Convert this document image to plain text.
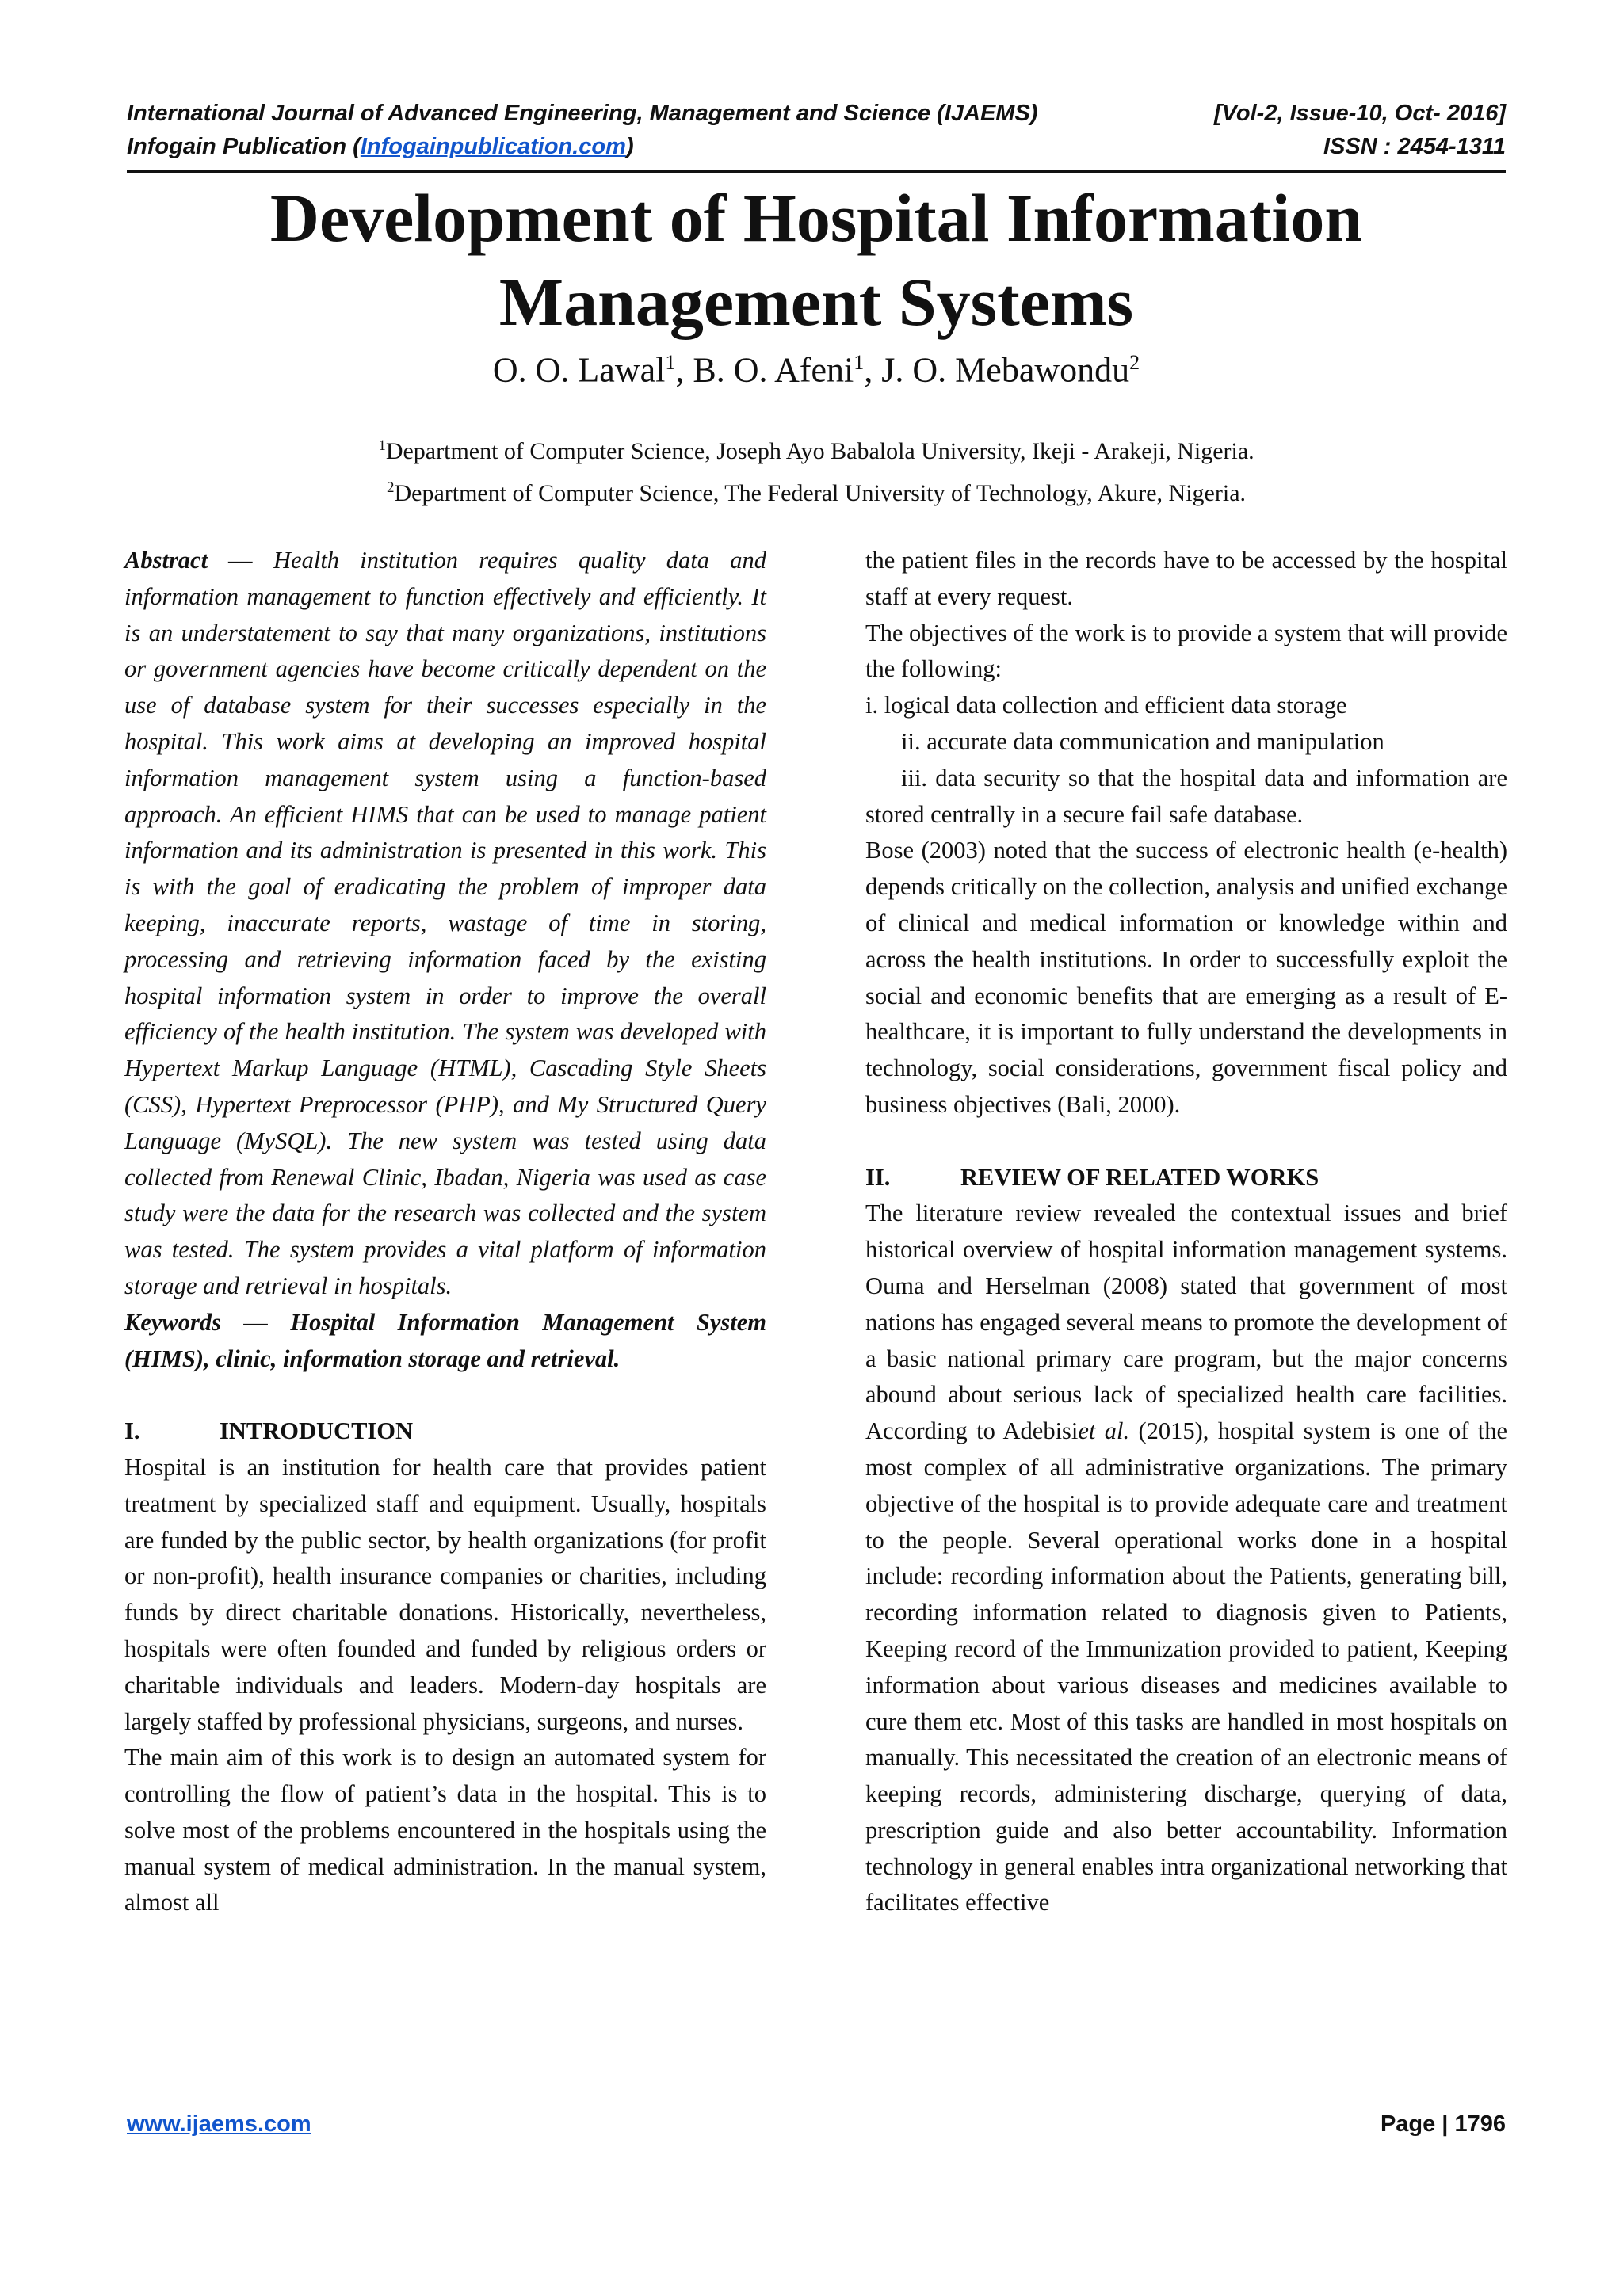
International Journal of Advanced Engineering, Management and Science (IJAEMS)	[Vol-2, Issue-10, Oct- 2016]
Infogain Publication (Infogainpublication.com)	ISSN : 2454-1311
Development of Hospital Information
Management Systems
O. O. Lawal$^1$, B. O. Afeni$^1$, J. O. Mebawondu$^2$
$^1$Department of Computer Science, Joseph Ayo Babalola University, Ikeji - Arakeji, Nigeria.
$^2$Department of Computer Science, The Federal University of Technology, Akure, Nigeria.

Abstract — Health institution requires quality data and information management to function effectively and efficiently. It is an understatement to say that many organizations, institutions or government agencies have become critically dependent on the use of database system for their successes especially in the hospital. This work aims at developing an improved hospital information management system using a function-based approach. An efficient HIMS that can be used to manage patient information and its administration is presented in this work. This is with the goal of eradicating the problem of improper data keeping, inaccurate reports, wastage of time in storing, processing and retrieving information faced by the existing hospital information system in order to improve the overall efficiency of the health institution. The system was developed with Hypertext Markup Language (HTML), Cascading Style Sheets (CSS), Hypertext Preprocessor (PHP), and My Structured Query Language (MySQL). The new system was tested using data collected from Renewal Clinic, Ibadan, Nigeria was used as case study were the data for the research was collected and the system was tested. The system provides a vital platform of information storage and retrieval in hospitals.

Keywords — Hospital Information Management System (HIMS), clinic, information storage and retrieval.

I.	INTRODUCTION

Hospital is an institution for health care that provides patient treatment by specialized staff and equipment. Usually, hospitals are funded by the public sector, by health organizations (for profit or non-profit), health insurance companies or charities, including funds by direct charitable donations. Historically, nevertheless, hospitals were often founded and funded by religious orders or charitable individuals and leaders. Modern-day hospitals are largely staffed by professional physicians, surgeons, and nurses.

The main aim of this work is to design an automated system for controlling the flow of patient’s data in the hospital. This is to solve most of the problems encountered in the hospitals using the manual system of medical administration. In the manual system, almost all

the patient files in the records have to be accessed by the hospital staff at every request.

The objectives of the work is to provide a system that will provide the following:

i. logical data collection and efficient data storage

ii. accurate data communication and manipulation

iii. data security so that the hospital data and information are stored centrally in a secure fail safe database.

Bose (2003) noted that the success of electronic health (e-health) depends critically on the collection, analysis and unified exchange of clinical and medical information or knowledge within and across the health institutions. In order to successfully exploit the social and economic benefits that are emerging as a result of E-healthcare, it is important to fully understand the developments in technology, social considerations, government fiscal policy and business objectives (Bali, 2000).

II.	REVIEW OF RELATED WORKS

The literature review revealed the contextual issues and brief historical overview of hospital information management systems. Ouma and Herselman (2008) stated that government of most nations has engaged several means to promote the development of a basic national primary care program, but the major concerns abound about serious lack of specialized health care facilities. According to Adebisiet al. (2015), hospital system is one of the most complex of all administrative organizations. The primary objective of the hospital is to provide adequate care and treatment to the people. Several operational works done in a hospital include: recording information about the Patients, generating bill, recording information related to diagnosis given to Patients, Keeping record of the Immunization provided to patient, Keeping information about various diseases and medicines available to cure them etc. Most of this tasks are handled in most hospitals on manually. This necessitated the creation of an electronic means of keeping records, administering discharge, querying of data, prescription guide and also better accountability. Information technology in general enables intra organizational networking that facilitates effective

www.ijaems.com	Page | 1796
